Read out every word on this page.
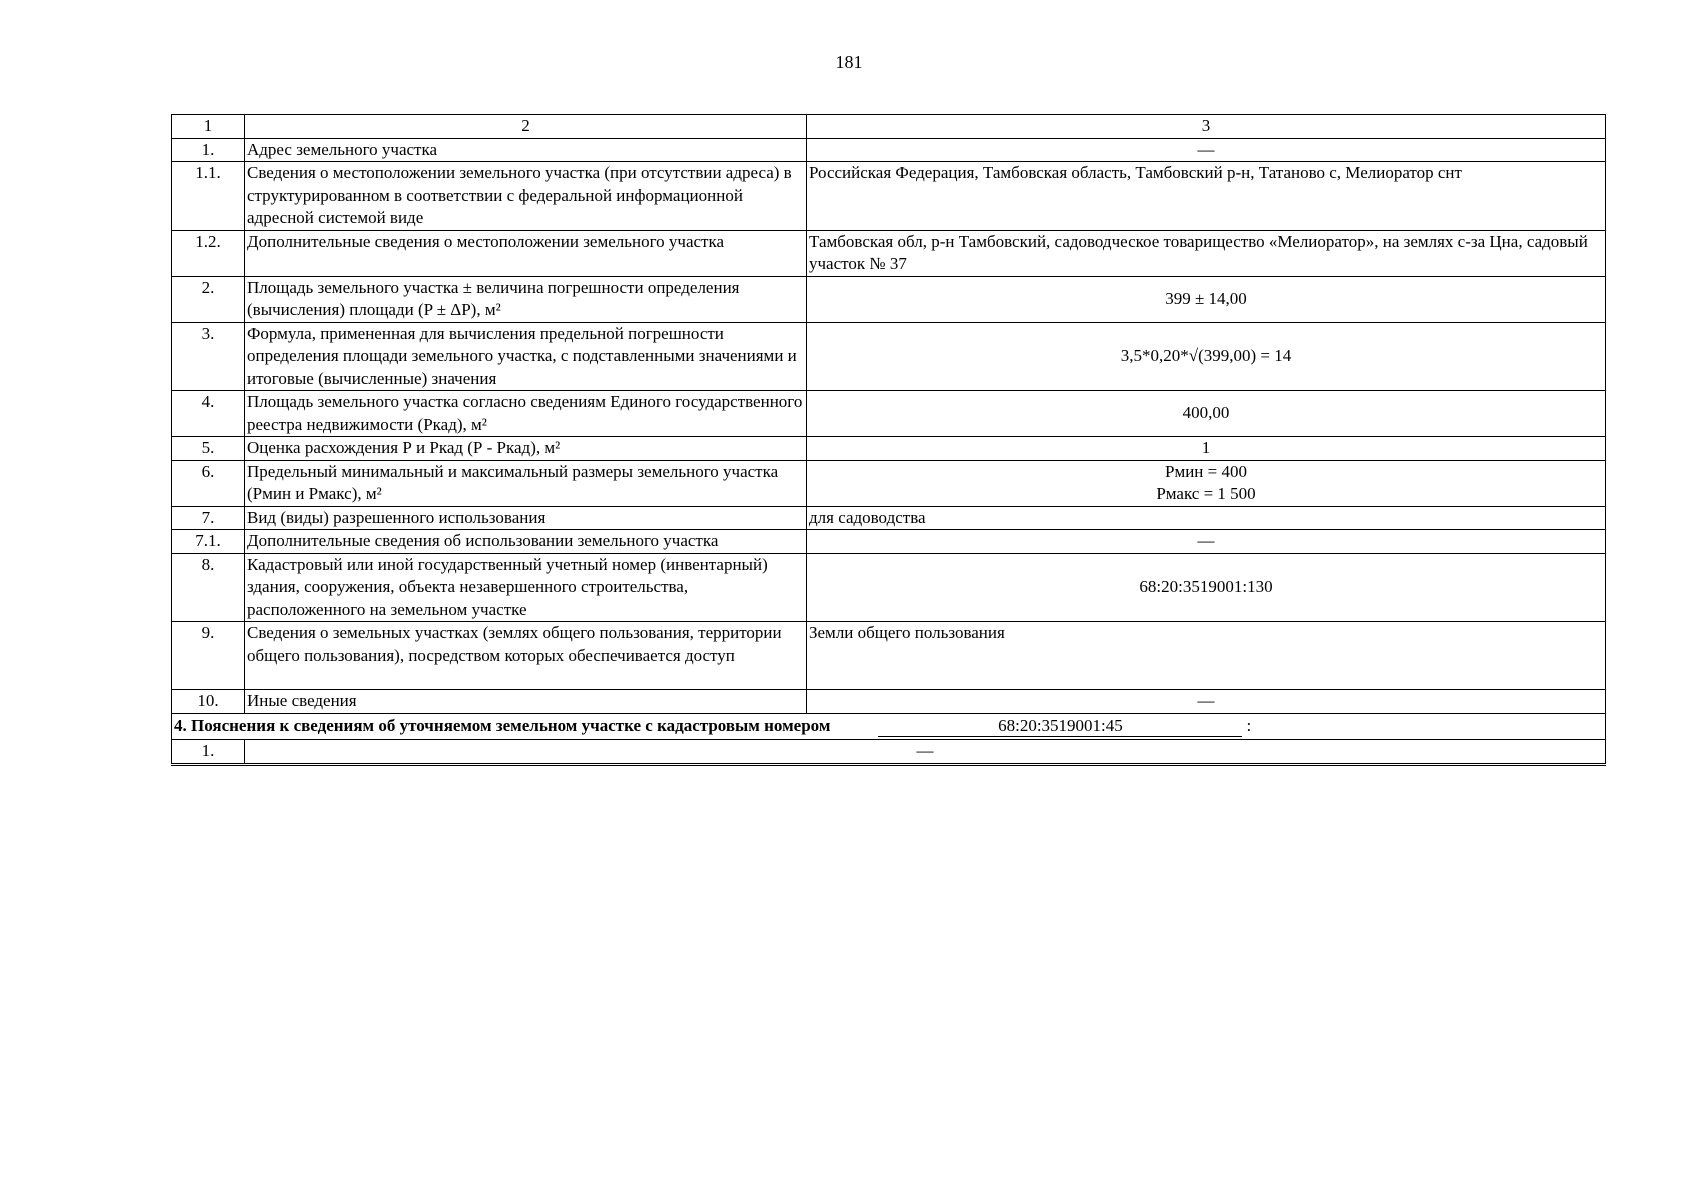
181
1	2	3
1.	Адрес земельного участка	—
1.1.	Сведения о местоположении земельного участка (при отсутствии адреса) в структурированном в соответствии с федеральной информационной адресной системой виде	Российская Федерация, Тамбовская область, Тамбовский р-н, Татаново с, Мелиоратор снт
1.2.	Дополнительные сведения о местоположении земельного участка	Тамбовская обл, р-н Тамбовский, садоводческое товарищество «Мелиоратор», на землях с-за Цна, садовый участок № 37
2.	Площадь земельного участка ± величина погрешности определения (вычисления) площади (P ± ΔP), м²	399 ± 14,00
3.	Формула, примененная для вычисления предельной погрешности определения площади земельного участка, с подставленными значениями и итоговые (вычисленные) значения	3,5*0,20*√(399,00) = 14
4.	Площадь земельного участка согласно сведениям Единого государственного реестра недвижимости (Ркад), м²	400,00
5.	Оценка расхождения Р и Ркад (Р - Ркад), м²	1
6.	Предельный минимальный и максимальный размеры земельного участка (Рмин и Рмакс), м²	Рмин = 400
Рмакс = 1 500

7.	Вид (виды) разрешенного использования	для садоводства
7.1.	Дополнительные сведения об использовании земельного участка	—
8.	Кадастровый или иной государственный учетный номер (инвентарный) здания, сооружения, объекта незавершенного строительства, расположенного на земельном участке	68:20:3519001:130
9.	Сведения о земельных участках (землях общего пользования, территории общего пользования), посредством которых обеспечивается доступ	Земли общего пользования
10.	Иные сведения	—

4. Пояснения к сведениям об уточняемом земельном участке с кадастровым номером 68:20:3519001:45 :		

1.	—	
